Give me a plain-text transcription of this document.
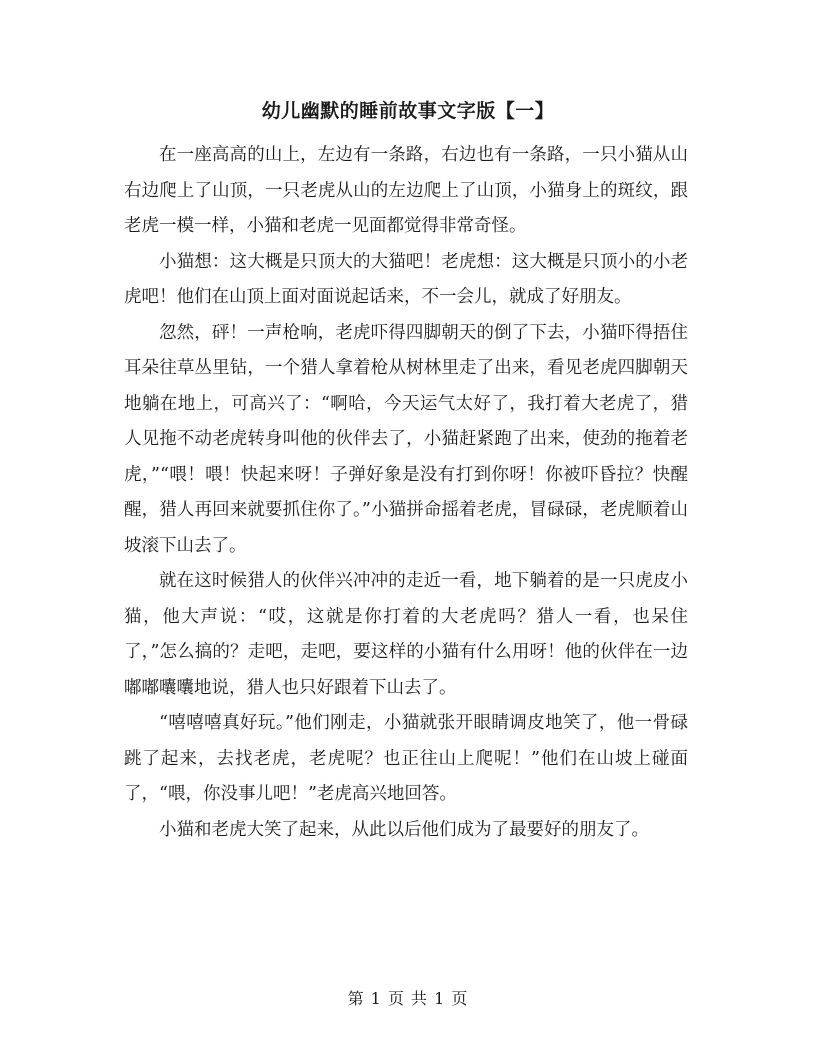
幼儿幽默的睡前故事文字版【一】

在一座高高的山上，左边有一条路，右边也有一条路，一只小猫从山右边爬上了山顶，一只老虎从山的左边爬上了山顶，小猫身上的斑纹，跟老虎一模一样，小猫和老虎一见面都觉得非常奇怪。

小猫想：这大概是只顶大的大猫吧！老虎想：这大概是只顶小的小老虎吧！他们在山顶上面对面说起话来，不一会儿，就成了好朋友。

忽然，砰！一声枪响，老虎吓得四脚朝天的倒了下去，小猫吓得捂住耳朵往草丛里钻，一个猎人拿着枪从树林里走了出来，看见老虎四脚朝天地躺在地上，可高兴了：“啊哈，今天运气太好了，我打着大老虎了，猎人见拖不动老虎转身叫他的伙伴去了，小猫赶紧跑了出来，使劲的拖着老虎，”“喂！喂！快起来呀！子弹好象是没有打到你呀！你被吓昏拉？快醒醒，猎人再回来就要抓住你了。”小猫拼命摇着老虎，冒碌碌，老虎顺着山坡滚下山去了。

就在这时候猎人的伙伴兴冲冲的走近一看，地下躺着的是一只虎皮小猫，他大声说：“哎，这就是你打着的大老虎吗？猎人一看，也呆住了，”怎么搞的？走吧，走吧，要这样的小猫有什么用呀！他的伙伴在一边嘟嘟囔囔地说，猎人也只好跟着下山去了。

“嘻嘻嘻真好玩。”他们刚走，小猫就张开眼睛调皮地笑了，他一骨碌跳了起来，去找老虎，老虎呢？也正往山上爬呢！”他们在山坡上碰面了，“喂，你没事儿吧！”老虎高兴地回答。

小猫和老虎大笑了起来，从此以后他们成为了最要好的朋友了。

第 1 页 共 1 页
